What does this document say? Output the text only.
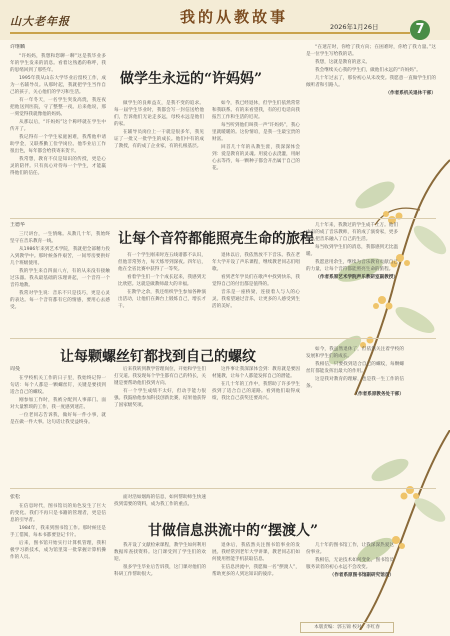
山大老年报	我的从教故事
2026年1月26日	7
做学生永远的“许妈妈”
许继麟

“许妈妈，我想和您聊一聊”这是我毕业多年的学生发来的消息。看着这熟悉的称呼，我的思绪回到了那些年。

1995年我从山东大学毕业后留校工作，成为一名辅导员。从那时起，我就把学生当作自己的孩子，关心他们的学习和生活。

有一年冬天，一名学生突发高烧，我连夜把他送到医院，守了整整一夜。后来他说，那一刻觉得我就像他的妈妈。

从那以后，“许妈妈”这个称呼就在学生中传开了。

我记得有一个学生家庭困难，我帮他申请助学金，又联系勤工俭学岗位。他毕业后工作很出色，每年都会给我寄来贺卡。

我常想，教育不仅是知识的传授，更是心灵的陪伴。只有真心对待每一个学生，才能赢得他们的信任。

做学生的良师益友，是我不变的追求。每一届学生毕业时，我都会写一封信送给他们，告诉他们无论走多远，母校永远是他们的家。

在辅导员岗位上一干就是很多年，我见证了一批又一批学生的成长。他们中有的成了教授，有的成了企业家，有的扎根基层。

如今，我已经退休，但学生们依然常常和我联系。有的来看望我，有的打电话向我报告工作和生活的近况。

每当听到他们叫我一声“许妈妈”，我心里就暖暖的。这份情谊，是我一生最宝贵的财富。

回首几十年的从教生涯，我深深体会到：爱是教育的灵魂。用爱心去浇灌，用耐心去等待，每一颗种子都会开出属于自己的花。

“在迷茫时，你给了我方向；在困难时，你给了我力量。”这是一位学生写给我的话。

我想，这就是教育的意义。

我会继续关心我的学生们，做他们永远的“许妈妈”。

几十年过去了，那份初心从未改变。我愿意一直做学生们的倾听者和引路人。

（作者系机关退休干部）

让每个音符都能照亮生命的旅程
王德华

三尺讲台，一生情缘。从教几十年，我始终坚守在音乐教育一线。

从1986年来到艺术学院，我就把全部精力投入到教学中。那时候条件艰苦，一间琴房要供好几个班级使用。

我的学生来自四面八方，有的从来没有接触过乐器。我从最基础的乐理讲起，一个音符一个音符地教。

我常对学生说：音乐不只是技巧，更是心灵的表达。每一个音符都有它的情感，要用心去感受。

有一个学生刚来时连五线谱都不认识，但他非常努力，每天练琴到深夜。四年后，他在全省比赛中获得了一等奖。

看着学生们一个个成长起来，我感到无比欣慰。这就是做教师最大的幸福。

在教学之余，我还组织学生参加各种演出活动，让他们在舞台上锻炼自己，增长才干。

退休以后，我依然放不下音乐。我在老年大学开设了声乐课程，继续教老同志们唱歌。

看到老年学员们在歌声中找到快乐，我觉得自己的付出都是值得的。

音乐是一座桥梁，连接着人与人的心灵。我希望通过音乐，让更多的人感受到生活的美好。

几十年来，我教过的学生成千上万。他们中有的成了音乐教师，有的成了演奏家，更多的人把音乐融入了自己的生活。

每当收到学生们的消息，我都感到无比温暖。

我愿意用余生，继续为音乐教育贡献自己的力量，让每个音符都能照亮生命的旅程。

（作者系原艺术学院声乐教研室副教授）

让每颗螺丝钉都找到自己的螺纹
周曼

在学校机关工作的日子里，我始终记得一句话：每个人都是一颗螺丝钉，关键是要找到适合自己的螺纹。

刚参加工作时，我被分配到人事部门。面对大量繁琐的工作，我一度感到迷茫。

一位老同志告诉我，做好每一件小事，就是在做一件大事。这句话让我受益终身。

后来我转到教学管理岗位，开始和学生们打交道。我发现每个学生都有自己的特长，关键是要帮助他们找到方向。

有一个学生成绩不太好，但动手能力很强。我鼓励他参加科技创新比赛，结果他获得了国家级奖项。

这件事让我深深体会到：教育就是要因材施教，让每个人都能发挥自己的潜能。

在几十年的工作中，我帮助了许多学生找到了适合自己的道路。看到他们取得成绩，我比自己获奖还要高兴。

如今，我虽然退休了，但依然关注着学校的发展和学生们的成长。

我相信，只要找到适合自己的螺纹，每颗螺丝钉都能发挥出最大的作用。

这是我对教育的理解，也是我一生工作的信条。

（作者系原教务处干部）

甘做信息洪流中的“摆渡人”
张松

在信息时代，图书馆员的角色发生了巨大的变化。我们不再只是书籍的管理者，更是信息的引导者。

1984年，我来到图书馆工作。那时候还是手工借阅，每本书都要登记卡片。

后来，图书馆开始实行计算机管理，我积极学习新技术，成为馆里第一批掌握计算机操作的人员。

面对浩如烟海的信息，如何帮助师生快速找到需要的资料，成为我工作的重点。

我开设了文献检索课程，教学生如何利用数据库查找资料。这门课受到了学生们的欢迎。

很多学生毕业后告诉我，这门课对他们的科研工作帮助很大。

退休后，我依然关注图书馆事业的发展。我经常到老年大学讲课，教老同志们如何使用智能手机获取信息。

在信息洪流中，我愿做一名“摆渡人”，帮助更多的人到达知识的彼岸。

几十年的图书馆工作，让我深深热爱这份事业。

我相信，无论技术如何变化，图书馆员服务读者的初心永远不会改变。

（作者系原图书馆副研究馆员）

本版责编：郭玉锦 校对：李红春
